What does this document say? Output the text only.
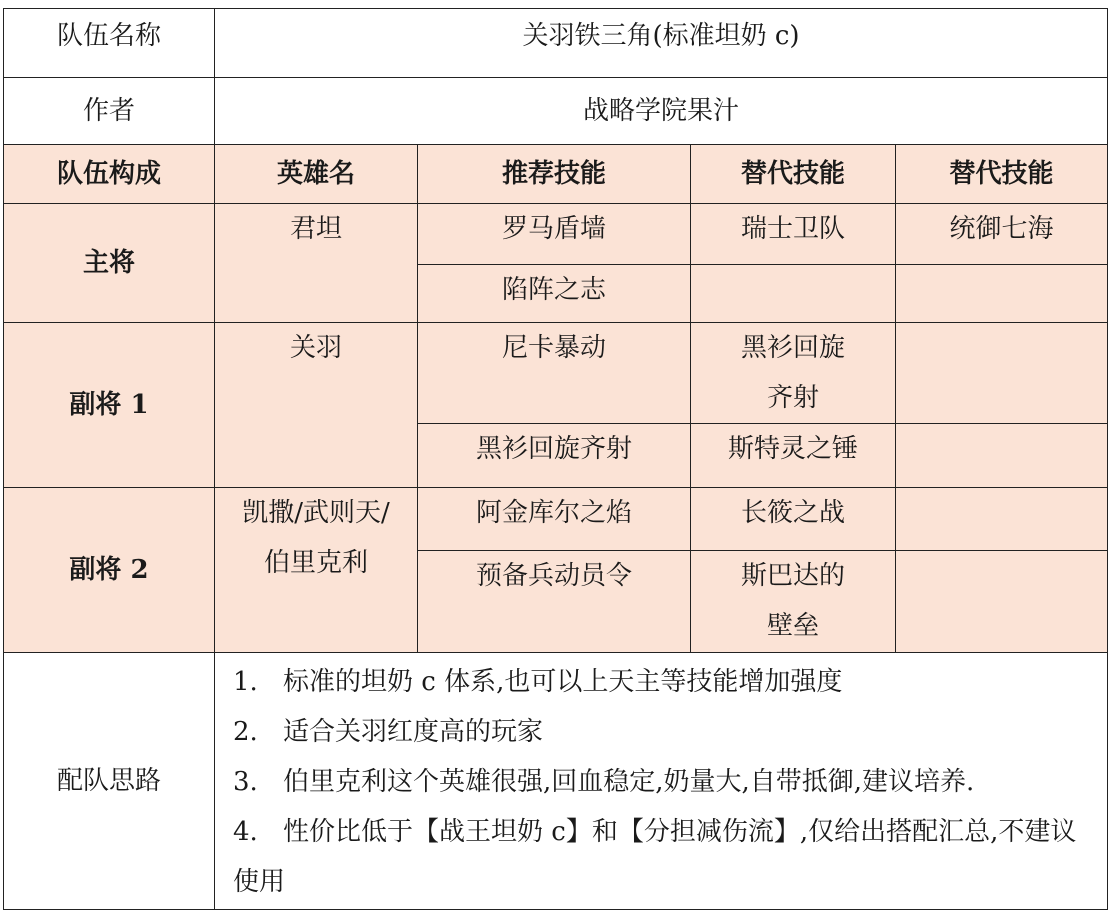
队伍名称	关羽铁三角(标准坦奶 c)			
作者	战略学院果汁			
队伍构成	英雄名	推荐技能	替代技能	替代技能
主将	君坦	罗马盾墙	瑞士卫队	统御七海
		陷阵之志		
副将 1	关羽	尼卡暴动	黑衫回旋齐射	
		黑衫回旋齐射	斯特灵之锤	
副将 2	凯撒/武则天/伯里克利	阿金库尔之焰	长筱之战	
		预备兵动员令	斯巴达的壁垒	
配队思路	1. 标准的坦奶 c 体系,也可以上天主等技能增加强度
2. 适合关羽红度高的玩家
3. 伯里克利这个英雄很强,回血稳定,奶量大,自带抵御,建议培养.
4. 性价比低于【战王坦奶 c】和【分担减伤流】,仅给出搭配汇总,不建议使用			
